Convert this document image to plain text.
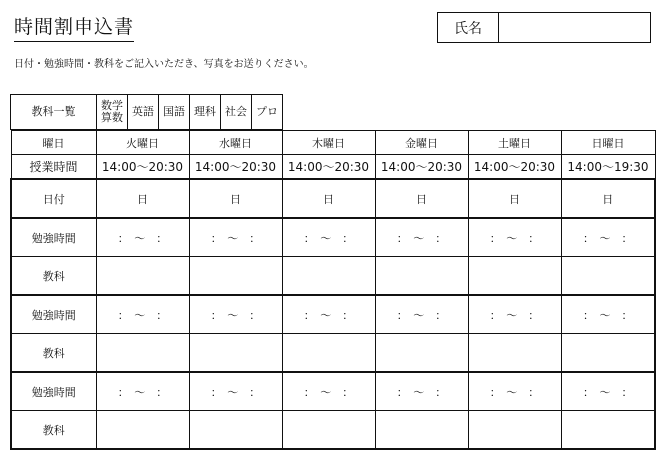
時間割申込書	氏名
日付・勉強時間・教科をご記入いただき、写真をお送りください。
教科一覧	数学
算数 英語 国語 理科 社会 プロ
曜日	火曜日	水曜日	木曜日	金曜日	土曜日	日曜日
授業時間	14:00〜20:30	14:00〜20:30	14:00〜20:30	14:00〜20:30	14:00〜20:30	14:00〜19:30
日付	日	日	日	日	日	日
勉強時間	：　〜　：	：　〜　：	：　〜　：	：　〜　：	：　〜　：	：　〜　：
教科						
勉強時間	：　〜　：	：　〜　：	：　〜　：	：　〜　：	：　〜　：	：　〜　：
教科						
勉強時間	：　〜　：	：　〜　：	：　〜　：	：　〜　：	：　〜　：	：　〜　：
教科						
